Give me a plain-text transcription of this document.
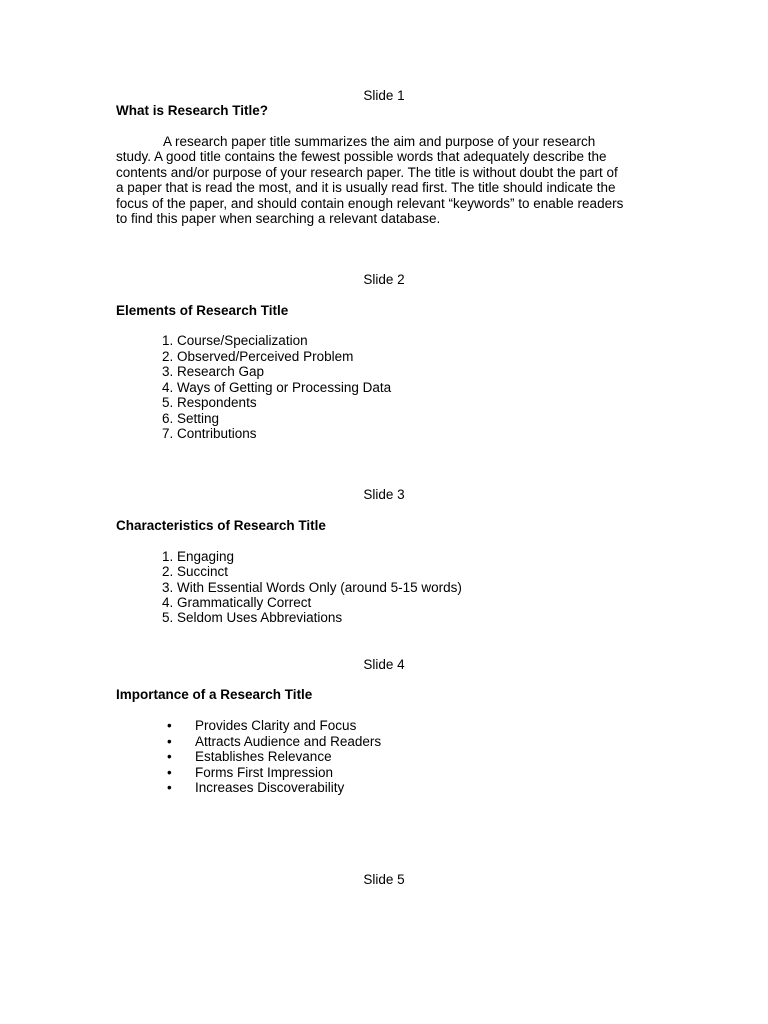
Slide 1
What is Research Title?
A research paper title summarizes the aim and purpose of your research
study. A good title contains the fewest possible words that adequately describe the
contents and/or purpose of your research paper. The title is without doubt the part of
a paper that is read the most, and it is usually read first. The title should indicate the
focus of the paper, and should contain enough relevant “keywords” to enable readers
to find this paper when searching a relevant database.
Slide 2
Elements of Research Title
1. Course/Specialization
2. Observed/Perceived Problem
3. Research Gap
4. Ways of Getting or Processing Data
5. Respondents
6. Setting
7. Contributions
Slide 3
Characteristics of Research Title
1. Engaging
2. Succinct
3. With Essential Words Only (around 5-15 words)
4. Grammatically Correct
5. Seldom Uses Abbreviations
Slide 4
Importance of a Research Title
• Provides Clarity and Focus
• Attracts Audience and Readers
• Establishes Relevance
• Forms First Impression
• Increases Discoverability
Slide 5
